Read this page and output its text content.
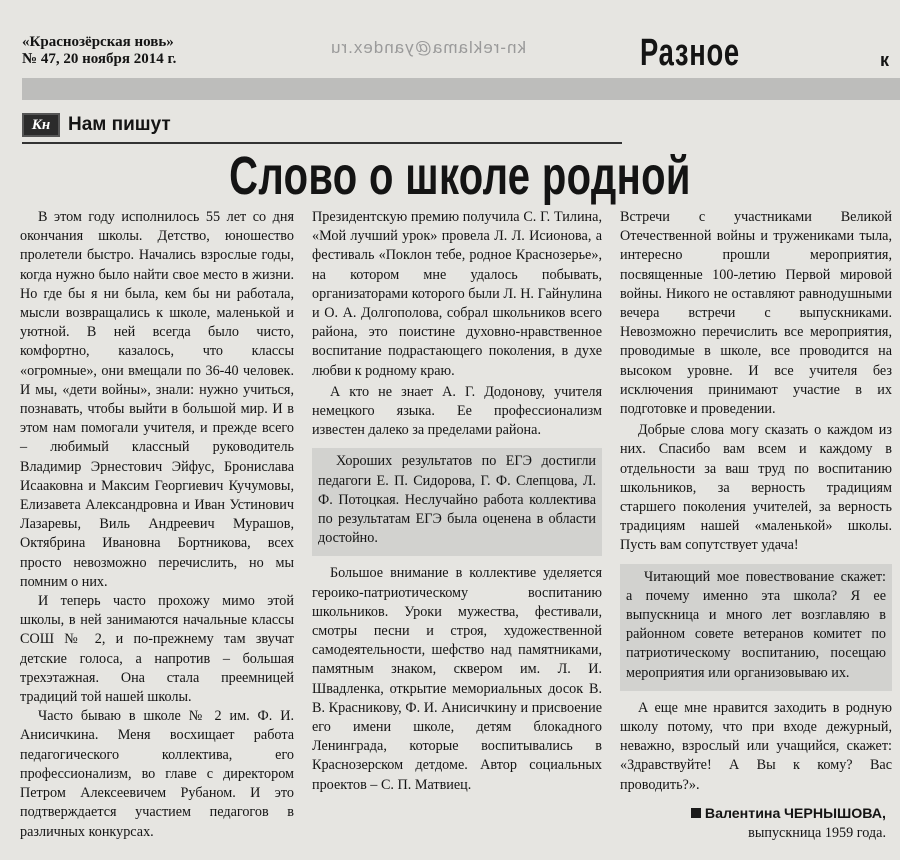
«Краснозёрская новь»
№ 47, 20 ноября 2014 г.
kn-reklama@yandex.ru	Разное	к
Кн Нам пишут
Слово о школе родной

В этом году исполнилось 55 лет со дня окончания школы. Детство, юношество пролетели быстро. Начались взрослые годы, когда нужно было найти свое место в жизни. Но где бы я ни была, кем бы ни работала, мысли возвращались к школе, маленькой и уютной. В ней всегда было чисто, комфортно, казалось, что классы «огромные», они вмещали по 36-40 человек. И мы, «дети войны», знали: нужно учиться, познавать, чтобы выйти в большой мир. И в этом нам помогали учителя, и прежде всего – любимый классный руководитель Владимир Эрнестович Эйфус, Бронислава Исааковна и Максим Георгиевич Кучумовы, Елизавета Александровна и Иван Устинович Лазаревы, Виль Андреевич Мурашов, Октябрина Ивановна Бортникова, всех просто невозможно перечислить, но мы помним о них.

И теперь часто прохожу мимо этой школы, в ней занимаются начальные классы СОШ № 2, и по-прежнему там звучат детские голоса, а напротив – большая трехэтажная. Она стала преемницей традиций той нашей школы.

Часто бываю в школе № 2 им. Ф. И. Анисичкина. Меня восхищает работа педагогического коллектива, его профессионализм, во главе с директором Петром Алексеевичем Рубаном. И это подтверждается участием педагогов в различных конкурсах.

Президентскую премию получила С. Г. Тилина, «Мой лучший урок» провела Л. Л. Исионова, а фестиваль «Поклон тебе, родное Краснозерье», на котором мне удалось побывать, организаторами которого были Л. Н. Гайнулина и О. А. Долгополова, собрал школьников всего района, это поистине духовно-нравственное воспитание подрастающего поколения, в духе любви к родному краю.

А кто не знает А. Г. Додонову, учителя немецкого языка. Ее профессионализм известен далеко за пределами района.

Хороших результатов по ЕГЭ достигли педагоги Е. П. Сидорова, Г. Ф. Слепцова, Л. Ф. Потоцкая. Неслучайно работа коллектива по результатам ЕГЭ была оценена в области достойно.

Большое внимание в коллективе уделяется героико-патриотическому воспитанию школьников. Уроки мужества, фестивали, смотры песни и строя, художественной самодеятельности, шефство над памятниками, памятным знаком, сквером им. Л. И. Швадленка, открытие мемориальных досок В. В. Красникову, Ф. И. Анисичкину и присвоение его имени школе, детям блокадного Ленинграда, которые воспитывались в Краснозерском детдоме. Автор социальных проектов – С. П. Матвиец.

Встречи с участниками Великой Отечественной войны и тружениками тыла, интересно прошли мероприятия, посвященные 100-летию Первой мировой войны. Никого не оставляют равнодушными вечера встречи с выпускниками. Невозможно перечислить все мероприятия, проводимые в школе, все проводится на высоком уровне. И все учителя без исключения принимают участие в их подготовке и проведении.

Добрые слова могу сказать о каждом из них. Спасибо вам всем и каждому в отдельности за ваш труд по воспитанию школьников, за верность традициям старшего поколения учителей, за верность традициям нашей «маленькой» школы. Пусть вам сопутствует удача!

Читающий мое повествование скажет: а почему именно эта школа? Я ее выпускница и много лет возглавляю в районном совете ветеранов комитет по патриотическому воспитанию, посещаю мероприятия или организовываю их.

А еще мне нравится заходить в родную школу потому, что при входе дежурный, неважно, взрослый или учащийся, скажет: «Здравствуйте! А Вы к кому? Вас проводить?».

Валентина ЧЕРНЫШОВА,
выпускница 1959 года.
